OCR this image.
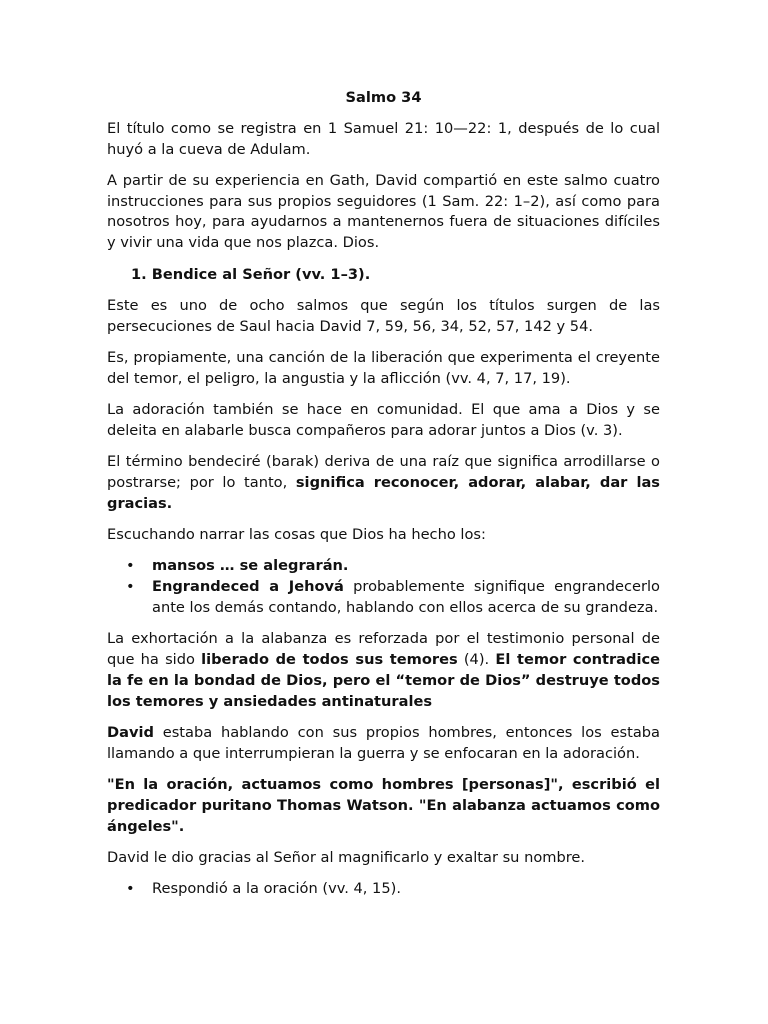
Salmo 34

El título como se registra en 1 Samuel 21: 10—22: 1, después de lo cual huyó a la cueva de Adulam.

A partir de su experiencia en Gath, David compartió en este salmo cuatro instrucciones para sus propios seguidores (1 Sam. 22: 1–2), así como para nosotros hoy, para ayudarnos a mantenernos fuera de situaciones difíciles y vivir una vida que nos plazca. Dios.

1. Bendice al Señor (vv. 1–3).

Este es uno de ocho salmos que según los títulos surgen de las persecuciones de Saul hacia David 7, 59, 56, 34, 52, 57, 142 y 54.

Es, propiamente, una canción de la liberación que experimenta el creyente del temor, el peligro, la angustia y la aflicción (vv. 4, 7, 17, 19).

La adoración también se hace en comunidad. El que ama a Dios y se deleita en alabarle busca compañeros para adorar juntos a Dios (v. 3).

El término bendeciré (barak) deriva de una raíz que significa arrodillarse o postrarse; por lo tanto, significa reconocer, adorar, alabar, dar las gracias.

Escuchando narrar las cosas que Dios ha hecho los:

• mansos … se alegrarán.
• Engrandeced a Jehová probablemente signifique engrandecerlo ante los demás contando, hablando con ellos acerca de su grandeza.

La exhortación a la alabanza es reforzada por el testimonio personal de que ha sido liberado de todos sus temores (4). El temor contradice la fe en la bondad de Dios, pero el “temor de Dios” destruye todos los temores y ansiedades antinaturales

David estaba hablando con sus propios hombres, entonces los estaba llamando a que interrumpieran la guerra y se enfocaran en la adoración.

"En la oración, actuamos como hombres [personas]", escribió el predicador puritano Thomas Watson. "En alabanza actuamos como ángeles".

David le dio gracias al Señor al magnificarlo y exaltar su nombre.

• Respondió a la oración (vv. 4, 15).
